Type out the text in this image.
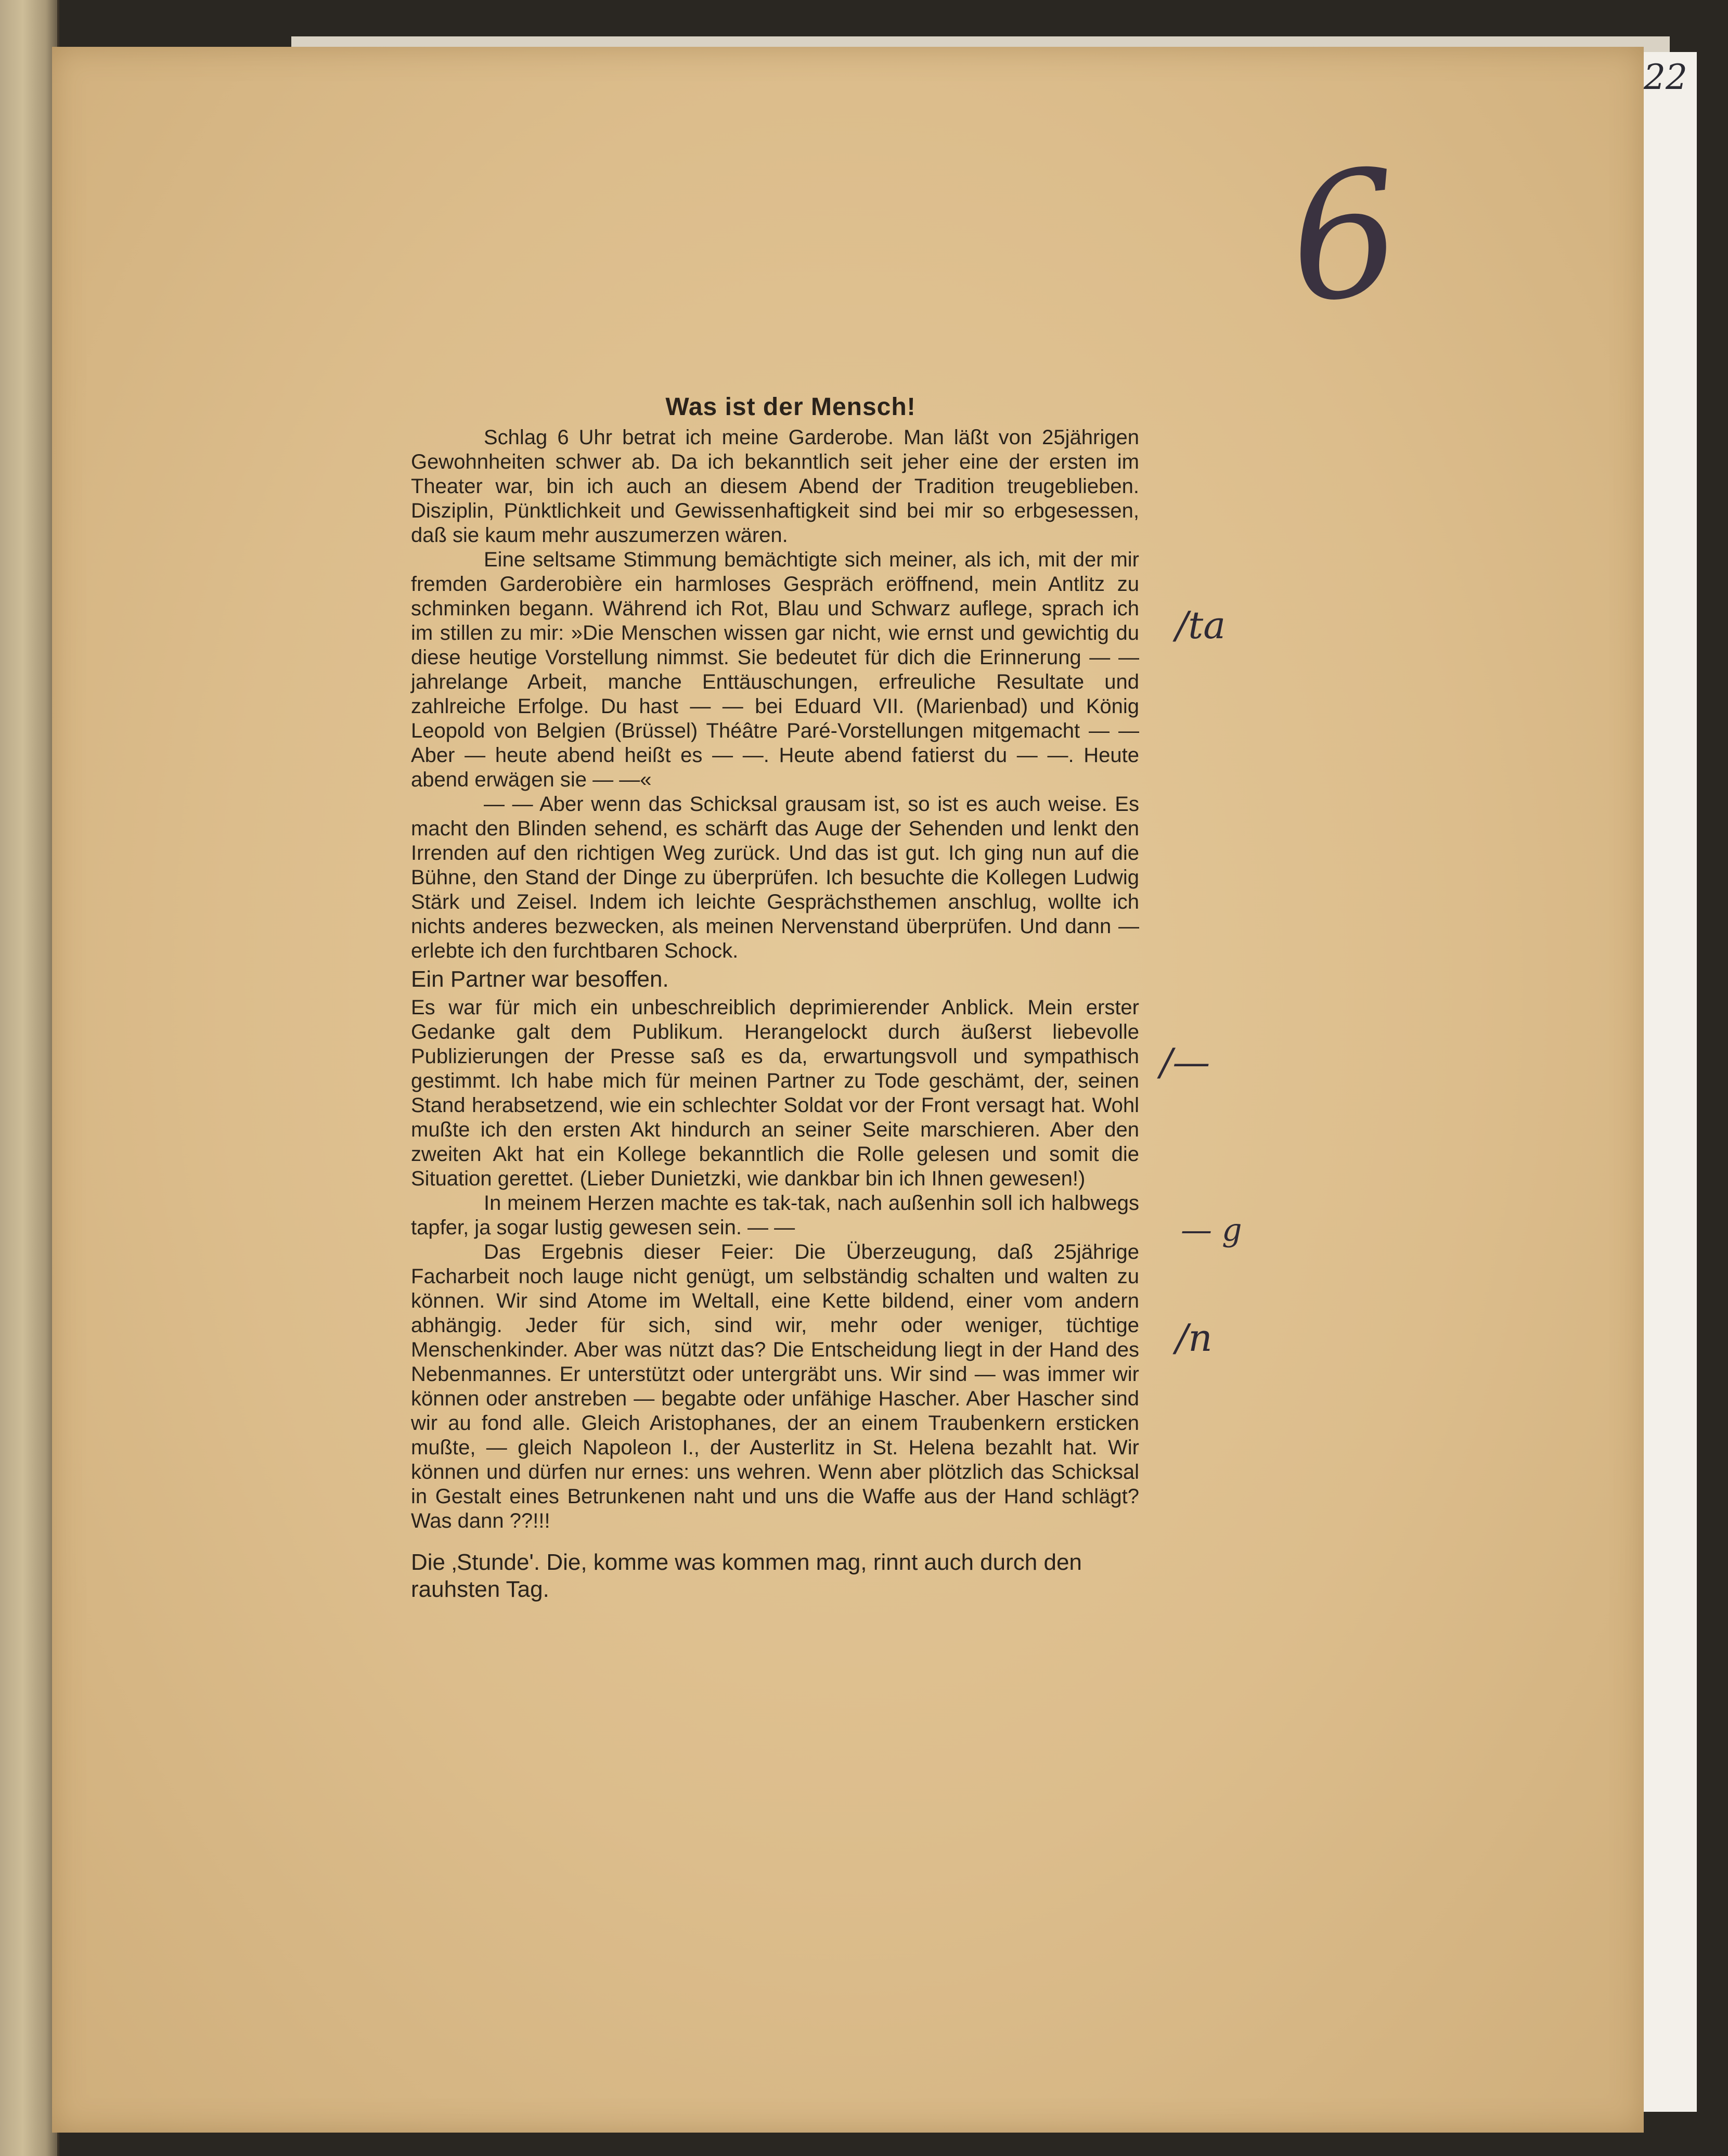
22
6
/ta
/—
— g
/n
Was ist der Mensch!

Schlag 6 Uhr betrat ich meine Garderobe. Man läßt von 25jährigen Gewohnheiten schwer ab. Da ich bekanntlich seit jeher eine der ersten im Theater war, bin ich auch an diesem Abend der Tradition treugeblieben. Disziplin, Pünktlichkeit und Gewissenhaftigkeit sind bei mir so erbgesessen, daß sie kaum mehr auszumerzen wären.

Eine seltsame Stimmung bemächtigte sich meiner, als ich, mit der mir fremden Garderobière ein harmloses Gespräch eröffnend, mein Antlitz zu schminken begann. Während ich Rot, Blau und Schwarz auflege, sprach ich im stillen zu mir: »Die Menschen wissen gar nicht, wie ernst und gewichtig du diese heutige Vorstellung nimmst. Sie bedeutet für dich die Erinnerung — — jahrelange Arbeit, manche Enttäuschungen, erfreuliche Resultate und zahlreiche Erfolge. Du hast — — bei Eduard VII. (Marienbad) und König Leopold von Belgien (Brüssel) Théâtre Paré-Vorstellungen mitgemacht — — Aber — heute abend heißt es — —. Heute abend fatierst du — —. Heute abend erwägen sie — —«

— — Aber wenn das Schicksal grausam ist, so ist es auch weise. Es macht den Blinden sehend, es schärft das Auge der Sehenden und lenkt den Irrenden auf den richtigen Weg zurück. Und das ist gut. Ich ging nun auf die Bühne, den Stand der Dinge zu überprüfen. Ich besuchte die Kollegen Ludwig Stärk und Zeisel. Indem ich leichte Gesprächsthemen anschlug, wollte ich nichts anderes bezwecken, als meinen Nervenstand überprüfen. Und dann — erlebte ich den furchtbaren Schock.

Ein Partner war besoffen.

Es war für mich ein unbeschreiblich deprimierender Anblick. Mein erster Gedanke galt dem Publikum. Herangelockt durch äußerst liebevolle Publizierungen der Presse saß es da, erwartungsvoll und sympathisch gestimmt. Ich habe mich für meinen Partner zu Tode geschämt, der, seinen Stand herabsetzend, wie ein schlechter Soldat vor der Front versagt hat. Wohl mußte ich den ersten Akt hindurch an seiner Seite marschieren. Aber den zweiten Akt hat ein Kollege bekanntlich die Rolle gelesen und somit die Situation gerettet. (Lieber Dunietzki, wie dankbar bin ich Ihnen gewesen!)

In meinem Herzen machte es tak-tak, nach außenhin soll ich halbwegs tapfer, ja sogar lustig gewesen sein. — —

Das Ergebnis dieser Feier: Die Überzeugung, daß 25jährige Facharbeit noch lauge nicht genügt, um selbständig schalten und walten zu können. Wir sind Atome im Weltall, eine Kette bildend, einer vom andern abhängig. Jeder für sich, sind wir, mehr oder weniger, tüchtige Menschenkinder. Aber was nützt das? Die Entscheidung liegt in der Hand des Nebenmannes. Er unterstützt oder untergräbt uns. Wir sind — was immer wir können oder anstreben — begabte oder unfähige Hascher. Aber Hascher sind wir au fond alle. Gleich Aristophanes, der an einem Traubenkern ersticken mußte, — gleich Napoleon I., der Austerlitz in St. Helena bezahlt hat. Wir können und dürfen nur ernes: uns wehren. Wenn aber plötzlich das Schicksal in Gestalt eines Betrunkenen naht und uns die Waffe aus der Hand schlägt? Was dann ??!!!

Die ‚Stunde'. Die, komme was kommen mag, rinnt auch durch den rauhsten Tag.
